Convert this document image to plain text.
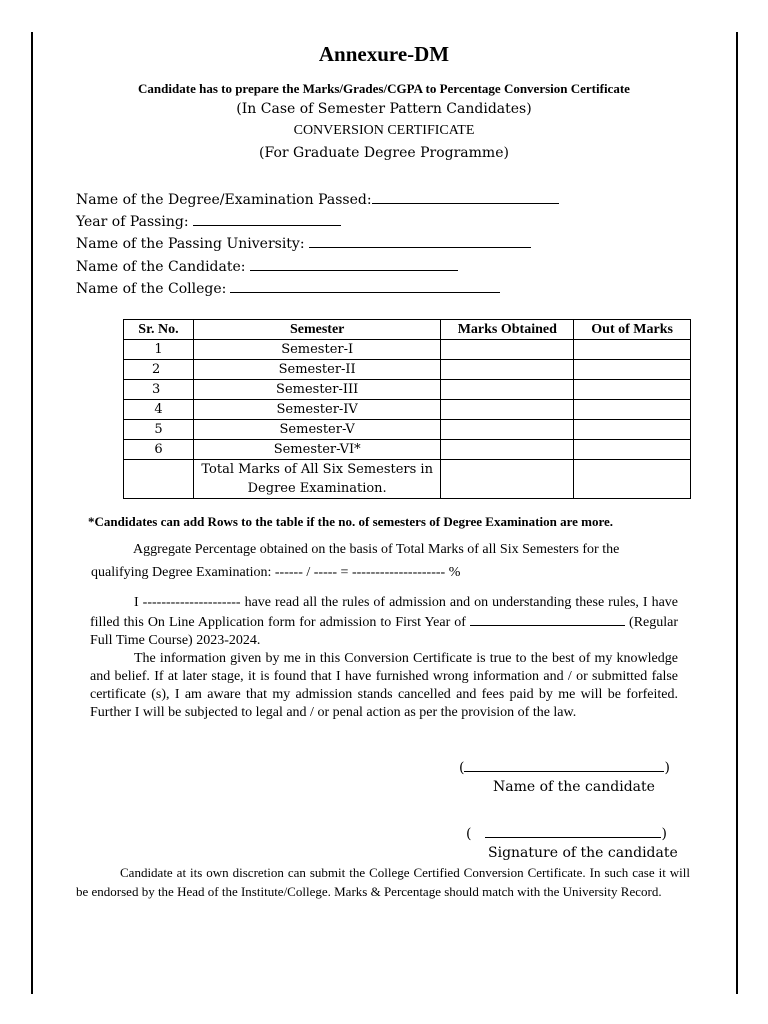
Annexure-DM
Candidate has to prepare the Marks/Grades/CGPA to Percentage Conversion Certificate
(In Case of Semester Pattern Candidates)
CONVERSION CERTIFICATE
(For Graduate Degree Programme)
Name of the Degree/Examination Passed:
Year of Passing:
Name of the Passing University:
Name of the Candidate:
Name of the College:
Sr. No.	Semester	Marks Obtained	Out of Marks
1	Semester-I		
2	Semester-II		
3	Semester-III		
4	Semester-IV		
5	Semester-V		
6	Semester-VI*		

	Total Marks of All Six Semesters in
Degree Examination.		

*Candidates can add Rows to the table if the no. of semesters of Degree Examination are more.
Aggregate Percentage obtained on the basis of Total Marks of all Six Semesters for the
qualifying Degree Examination: ------ / ----- = -------------------- %

I --------------------- have read all the rules of admission and on understanding these rules, I have filled this On Line Application form for admission to First Year of	(Regular Full Time Course) 2023-2024.

The information given by me in this Conversion Certificate is true to the best of my knowledge and belief. If at later stage, it is found that I have furnished wrong information and / or submitted false certificate (s), I am aware that my admission stands cancelled and fees paid by me will be forfeited. Further I will be subjected to legal and / or penal action as per the provision of the law.

(	)
Name of the candidate
(	)
Signature of the candidate
Candidate at its own discretion can submit the College Certified Conversion Certificate. In such case it will be endorsed by the Head of the Institute/College. Marks & Percentage should match with the University Record.
